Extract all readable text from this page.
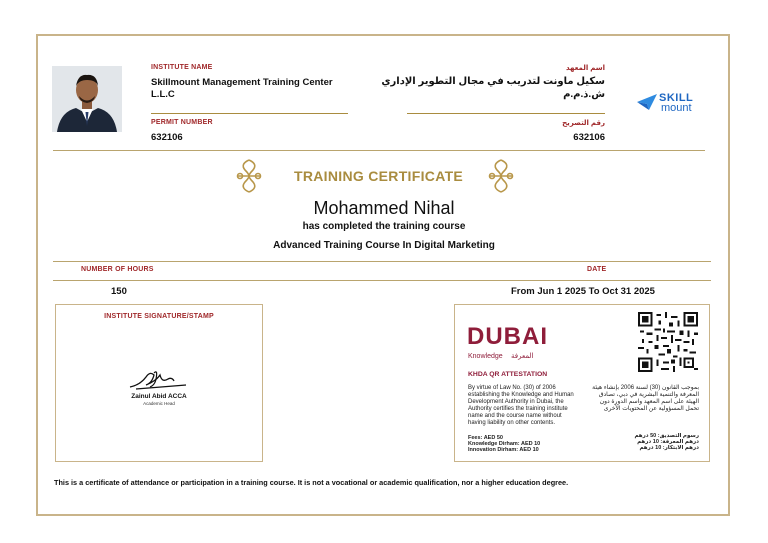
INSTITUTE NAME
Skillmount Management Training Center
L.L.C
اسم المعهد
سكيل ماونت لتدريب في مجال التطوير الإداري
ش.ذ.م.م	SKILL
mount
PERMIT NUMBER
632106
رقم التصريح
632106
TRAINING CERTIFICATE
Mohammed Nihal
has completed the training course
Advanced Training Course In Digital Marketing
NUMBER OF HOURS	DATE
150	From Jun 1 2025 To Oct 31 2025
INSTITUTE SIGNATURE/STAMP
Zainul Abid ACCA
Academic Head
DUBAI
Knowledge المعرفة
KHDA QR ATTESTATION
By virtue of Law No. (30) of 2006 establishing the Knowledge and Human Development Authority in Dubai, the Authority certifies the training institute name and the course name without having liability on other contents.
بموجب القانون (30) لسنة 2006 بإنشاء هيئة المعرفة والتنمية البشرية في دبي، تصادق الهيئة على اسم المعهد واسم الدورة دون تحمل المسؤولية عن المحتويات الأخرى
Fees: AED 50
Knowledge Dirham: AED 10
Innovation Dirham: AED 10
رسوم التصديق: 50 درهم
درهم المعرفة: 10 درهم
درهم الابتكار: 10 درهم
This is a certificate of attendance or participation in a training course. It is not a vocational or academic qualification, nor a higher education degree.
